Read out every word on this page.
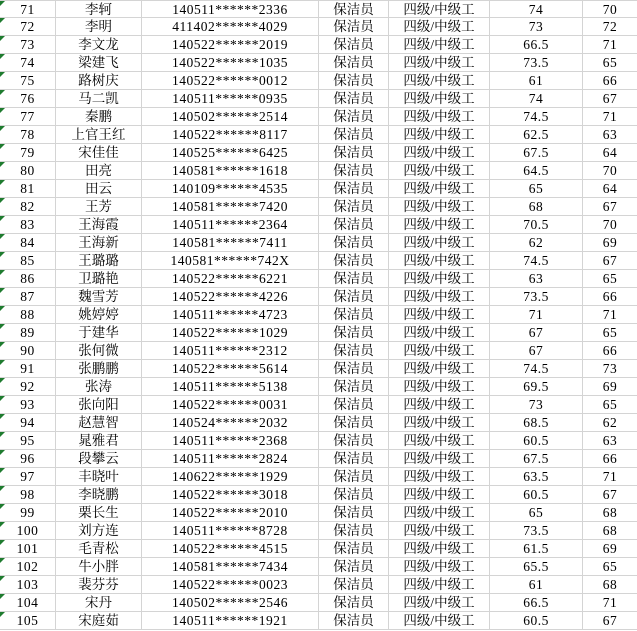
71	李轲	140511******2336	保洁员	四级/中级工	74	70
72	李明	411402******4029	保洁员	四级/中级工	73	72
73	李文龙	140522******2019	保洁员	四级/中级工	66.5	71
74	梁建飞	140522******1035	保洁员	四级/中级工	73.5	65
75	路树庆	140522******0012	保洁员	四级/中级工	61	66
76	马二凯	140511******0935	保洁员	四级/中级工	74	67
77	秦鹏	140502******2514	保洁员	四级/中级工	74.5	71
78	上官王红	140522******8117	保洁员	四级/中级工	62.5	63
79	宋佳佳	140525******6425	保洁员	四级/中级工	67.5	64
80	田亮	140581******1618	保洁员	四级/中级工	64.5	70
81	田云	140109******4535	保洁员	四级/中级工	65	64
82	王芳	140581******7420	保洁员	四级/中级工	68	67
83	王海霞	140511******2364	保洁员	四级/中级工	70.5	70
84	王海新	140581******7411	保洁员	四级/中级工	62	69
85	王璐璐	140581******742X	保洁员	四级/中级工	74.5	67
86	卫璐艳	140522******6221	保洁员	四级/中级工	63	65
87	魏雪芳	140522******4226	保洁员	四级/中级工	73.5	66
88	姚婷婷	140511******4723	保洁员	四级/中级工	71	71
89	于建华	140522******1029	保洁员	四级/中级工	67	65
90	张何微	140511******2312	保洁员	四级/中级工	67	66
91	张鹏鹏	140522******5614	保洁员	四级/中级工	74.5	73
92	张涛	140511******5138	保洁员	四级/中级工	69.5	69
93	张向阳	140522******0031	保洁员	四级/中级工	73	65
94	赵慧智	140524******2032	保洁员	四级/中级工	68.5	62
95	晁雅君	140511******2368	保洁员	四级/中级工	60.5	63
96	段攀云	140511******2824	保洁员	四级/中级工	67.5	66
97	丰晓叶	140622******1929	保洁员	四级/中级工	63.5	71
98	李晓鹏	140522******3018	保洁员	四级/中级工	60.5	67
99	栗长生	140522******2010	保洁员	四级/中级工	65	68
100	刘方连	140511******8728	保洁员	四级/中级工	73.5	68
101	毛青松	140522******4515	保洁员	四级/中级工	61.5	69
102	牛小胖	140581******7434	保洁员	四级/中级工	65.5	65
103	裴芬芬	140522******0023	保洁员	四级/中级工	61	68
104	宋丹	140502******2546	保洁员	四级/中级工	66.5	71
105	宋庭茹	140511******1921	保洁员	四级/中级工	60.5	67
